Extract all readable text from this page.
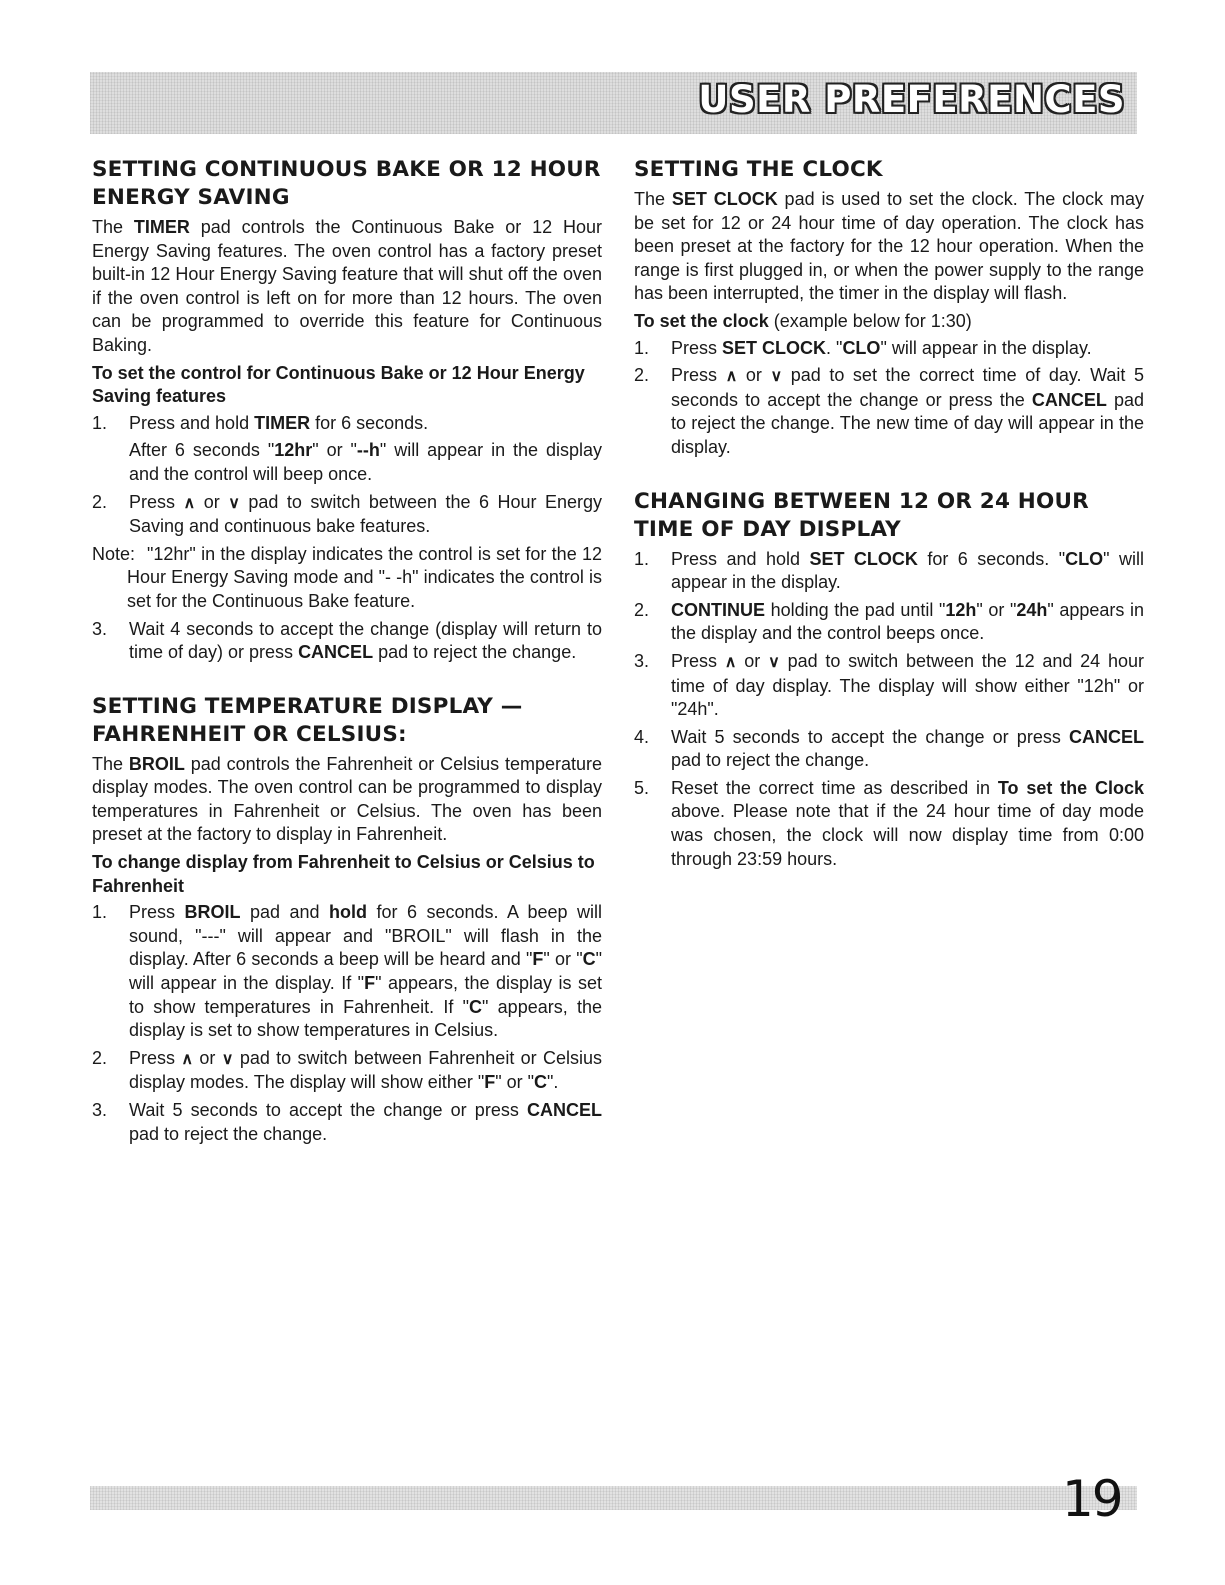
USER PREFERENCES
SETTING CONTINUOUS BAKE OR 12 HOUR ENERGY SAVING

The TIMER pad controls the Continuous Bake or 12 Hour Energy Saving features. The oven control has a factory preset built-in 12 Hour Energy Saving feature that will shut off the oven if the oven control is left on for more than 12 hours. The oven can be programmed to override this feature for Continuous Baking.

To set the control for Continuous Bake or 12 Hour Energy Saving features

1. Press and hold TIMER for 6 seconds.
After 6 seconds "12hr" or "--h" will appear in the display and the control will beep once.
2. Press ∧ or ∨ pad to switch between the 6 Hour Energy Saving and continuous bake features.
Note: "12hr" in the display indicates the control is set for the 12 Hour Energy Saving mode and "- -h" indicates the control is set for the Continuous Bake feature.
3. Wait 4 seconds to accept the change (display will return to time of day) or press CANCEL pad to reject the change.
SETTING TEMPERATURE DISPLAY — FAHRENHEIT OR CELSIUS:

The BROIL pad controls the Fahrenheit or Celsius temperature display modes. The oven control can be programmed to display temperatures in Fahrenheit or Celsius. The oven has been preset at the factory to display in Fahrenheit.

To change display from Fahrenheit to Celsius or Celsius to Fahrenheit

1. Press BROIL pad and hold for 6 seconds. A beep will sound, "---" will appear and "BROIL" will flash in the display. After 6 seconds a beep will be heard and "F" or "C" will appear in the display. If "F" appears, the display is set to show temperatures in Fahrenheit. If "C" appears, the display is set to show temperatures in Celsius.
2. Press ∧ or ∨ pad to switch between Fahrenheit or Celsius display modes. The display will show either "F" or "C".
3. Wait 5 seconds to accept the change or press CANCEL pad to reject the change.
SETTING THE CLOCK

The SET CLOCK pad is used to set the clock. The clock may be set for 12 or 24 hour time of day operation. The clock has been preset at the factory for the 12 hour operation. When the range is first plugged in, or when the power supply to the range has been interrupted, the timer in the display will flash.

To set the clock (example below for 1:30)

1. Press SET CLOCK. "CLO" will appear in the display.
2. Press ∧ or ∨ pad to set the correct time of day. Wait 5 seconds to accept the change or press the CANCEL pad to reject the change. The new time of day will appear in the display.
CHANGING BETWEEN 12 OR 24 HOUR TIME OF DAY DISPLAY
1. Press and hold SET CLOCK for 6 seconds. "CLO" will appear in the display.
2. CONTINUE holding the pad until "12h" or "24h" appears in the display and the control beeps once.
3. Press ∧ or ∨ pad to switch between the 12 and 24 hour time of day display. The display will show either "12h" or "24h".
4. Wait 5 seconds to accept the change or press CANCEL pad to reject the change.
5. Reset the correct time as described in To set the Clock above. Please note that if the 24 hour time of day mode was chosen, the clock will now display time from 0:00 through 23:59 hours.
19
